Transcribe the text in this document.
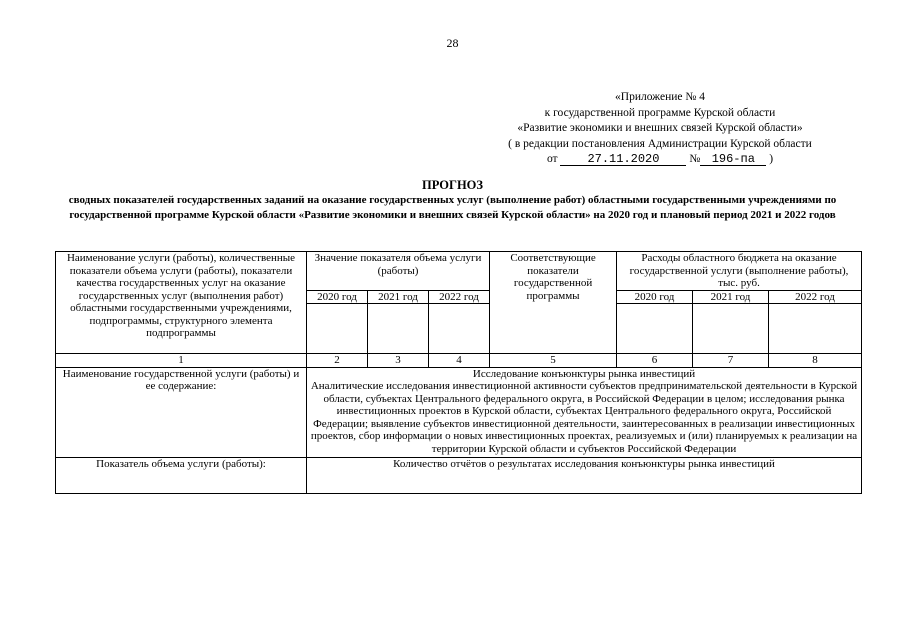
28
«Приложение № 4
к государственной программе Курской области
«Развитие экономики и внешних связей Курской области»
( в редакции постановления Администрации Курской области
от 27.11.2020	№ 196-па )
ПРОГНОЗ
сводных показателей государственных заданий на оказание государственных услуг (выполнение работ) областными государственными учреждениями по государственной программе Курской области «Развитие экономики и внешних связей Курской области» на 2020 год и плановый период 2021 и 2022 годов
Наименование услуги (работы), количественные показатели объема услуги (работы), показатели качества государственных услуг на оказание государственных услуг (выполнения работ) областными государственными учреждениями, подпрограммы, структурного элемента подпрограммы	Значение показателя объема услуги (работы)			Соответствующие показатели государственной программы	Расходы областного бюджета на оказание государственной услуги (выполнение работы), тыс. руб.		
	2020 год	2021 год	2022 год		2020 год	2021 год	2022 год

1	2	3	4	5	6	7	8
Наименование государственной услуги (работы) и ее содержание:	Исследование конъюнктуры рынка инвестиций
Аналитические исследования инвестиционной активности субъектов предпринимательской деятельности в Курской области, субъектах Центрального федерального округа, в Российской Федерации в целом; исследования рынка инвестиционных проектов в Курской области, субъектах Центрального федерального округа, Российской Федерации; выявление субъектов инвестиционной деятельности, заинтересованных в реализации инвестиционных проектов, сбор информации о новых инвестиционных проектах, реализуемых и (или) планируемых к реализации на территории Курской области и субъектов Российской Федерации						

Показатель объема услуги (работы):	Количество отчётов о результатах исследования конъюнктуры рынка инвестиций						
